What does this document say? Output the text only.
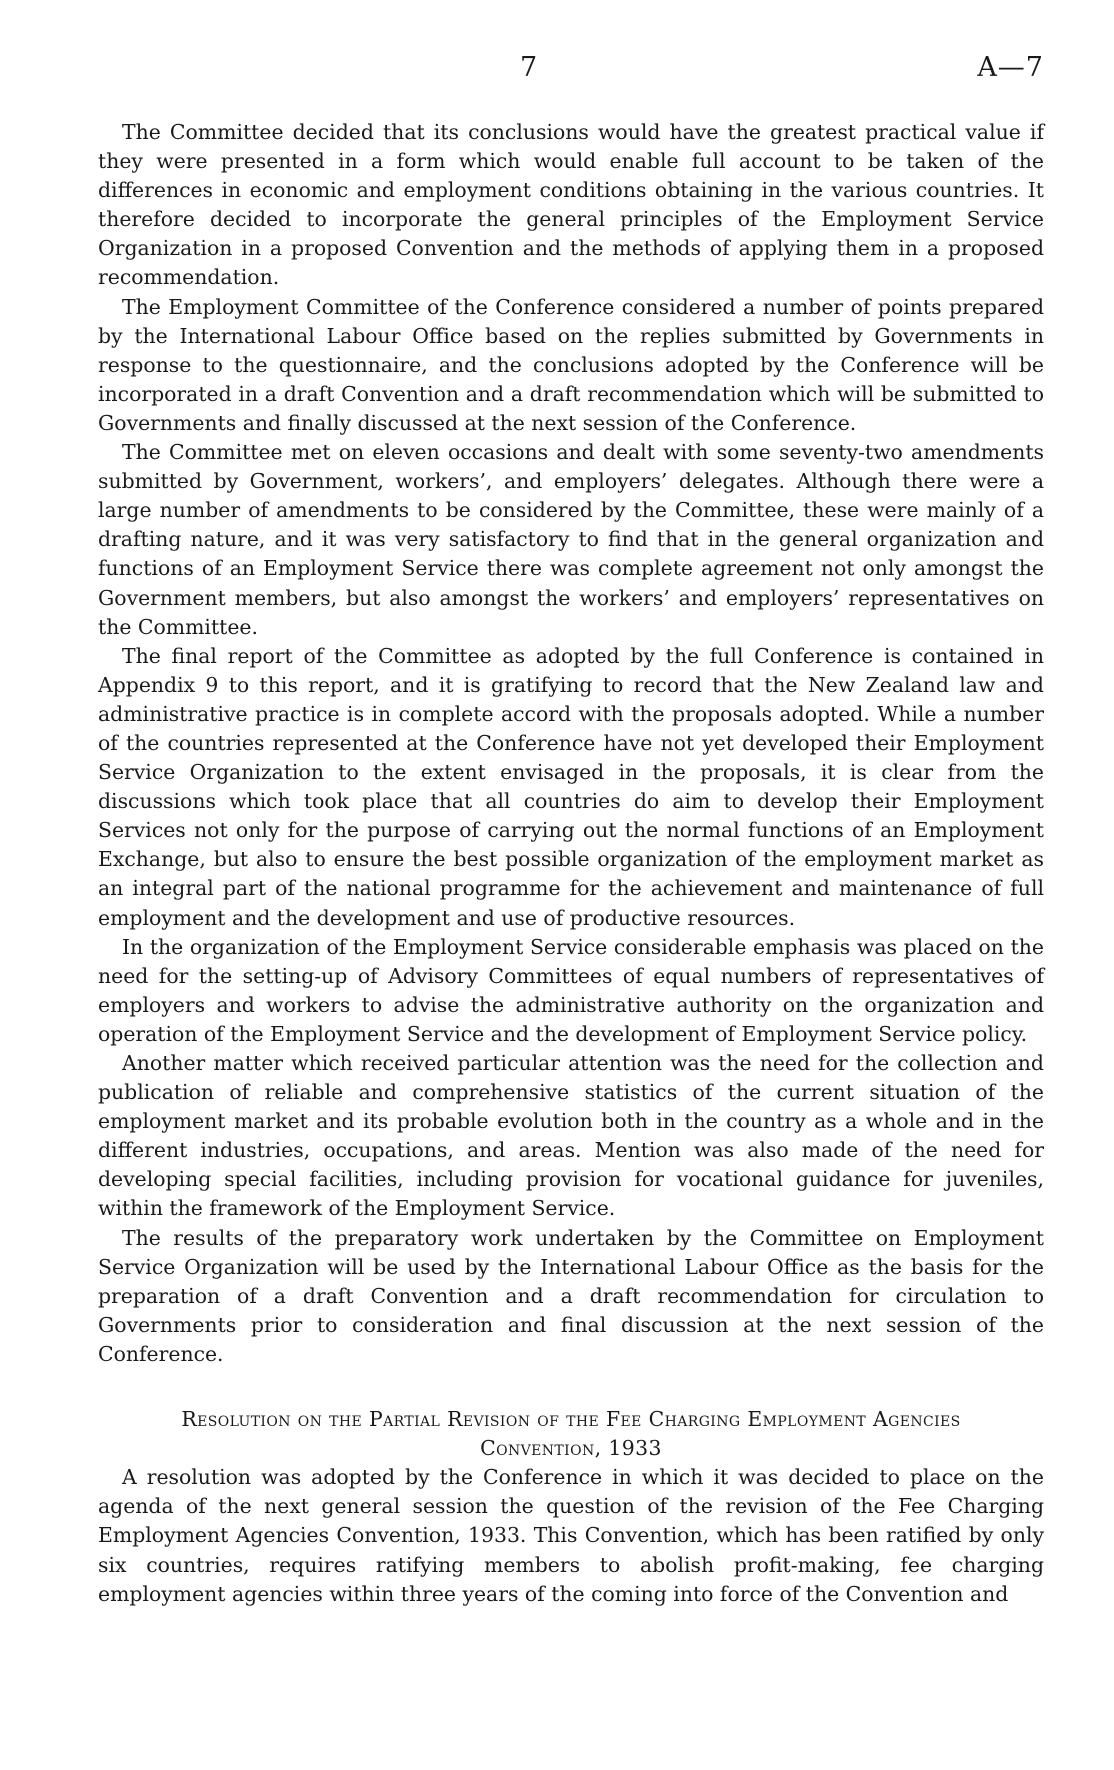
7	A—7

The Committee decided that its conclusions would have the greatest practical value if they were presented in a form which would enable full account to be taken of the differences in economic and employment conditions obtaining in the various countries. It therefore decided to incorporate the general principles of the Employment Service Organization in a proposed Convention and the methods of applying them in a proposed recommendation.

The Employment Committee of the Conference considered a number of points prepared by the International Labour Office based on the replies submitted by Governments in response to the questionnaire, and the conclusions adopted by the Conference will be incorporated in a draft Convention and a draft recommendation which will be submitted to Governments and finally discussed at the next session of the Conference.

The Committee met on eleven occasions and dealt with some seventy-two amendments submitted by Government, workers’, and employers’ delegates. Although there were a large number of amendments to be considered by the Committee, these were mainly of a drafting nature, and it was very satisfactory to find that in the general organization and functions of an Employment Service there was complete agreement not only amongst the Government members, but also amongst the workers’ and employers’ representatives on the Committee.

The final report of the Committee as adopted by the full Conference is contained in Appendix 9 to this report, and it is gratifying to record that the New Zealand law and administrative practice is in complete accord with the proposals adopted. While a number of the countries represented at the Conference have not yet developed their Employment Service Organization to the extent envisaged in the proposals, it is clear from the discussions which took place that all countries do aim to develop their Employment Services not only for the purpose of carrying out the normal functions of an Employment Exchange, but also to ensure the best possible organization of the employment market as an integral part of the national programme for the achievement and maintenance of full employment and the development and use of productive resources.

In the organization of the Employment Service considerable emphasis was placed on the need for the setting-up of Advisory Committees of equal numbers of representatives of employers and workers to advise the administrative authority on the organization and operation of the Employment Service and the development of Employment Service policy.

Another matter which received particular attention was the need for the collection and publication of reliable and comprehensive statistics of the current situation of the employment market and its probable evolution both in the country as a whole and in the different industries, occupations, and areas. Mention was also made of the need for developing special facilities, including provision for vocational guidance for juveniles, within the framework of the Employment Service.

The results of the preparatory work undertaken by the Committee on Employment Service Organization will be used by the International Labour Office as the basis for the preparation of a draft Convention and a draft recommendation for circulation to Governments prior to consideration and final discussion at the next session of the Conference.

Resolution on the Partial Revision of the Fee Charging Employment Agencies
Convention, 1933

A resolution was adopted by the Conference in which it was decided to place on the agenda of the next general session the question of the revision of the Fee Charging Employment Agencies Convention, 1933. This Convention, which has been ratified by only six countries, requires ratifying members to abolish profit-making, fee charging employment agencies within three years of the coming into force of the Convention and
